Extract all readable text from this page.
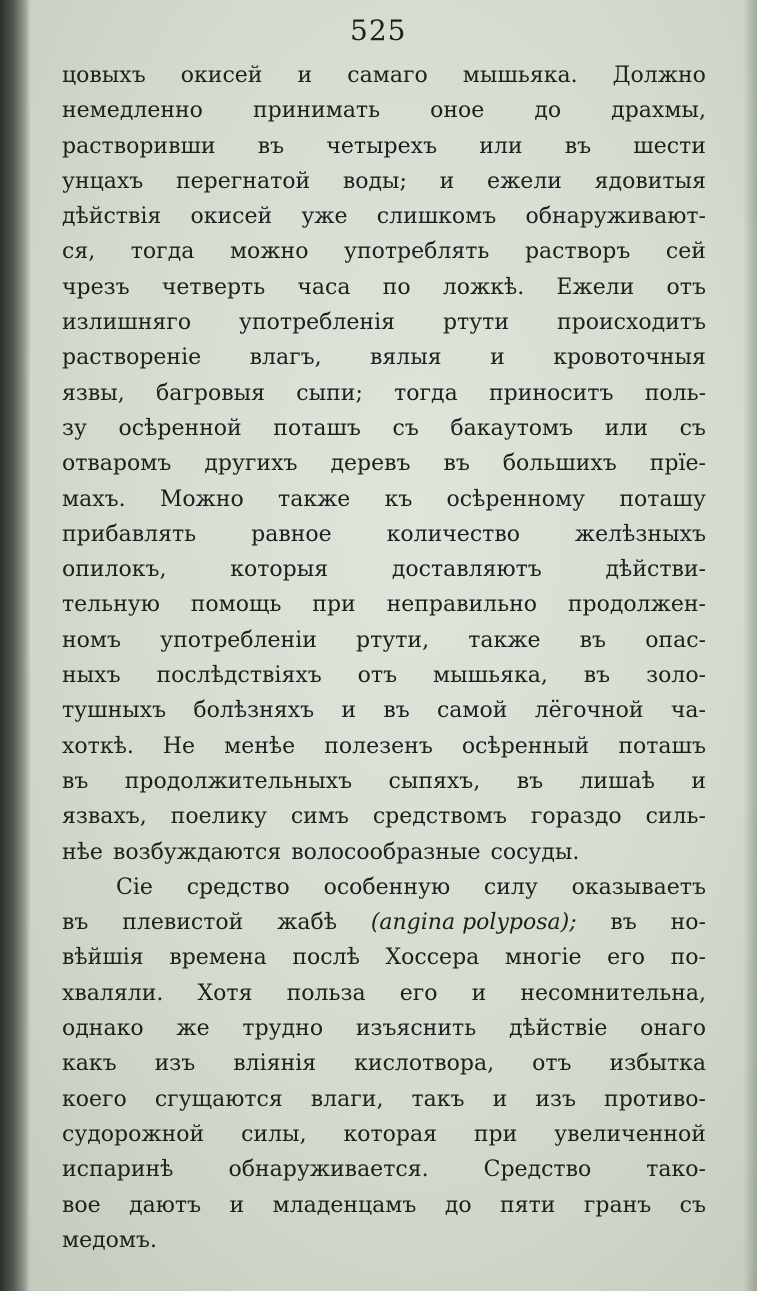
525
цовыхъ окисей и самаго мышьяка. Должно
немедленно принимать оное до драхмы,
растворивши въ четырехъ или въ шести
унцахъ перегнатой воды; и ежели ядовитыя
дѣйствія окисей уже слишкомъ обнаруживают-
ся, тогда можно употреблять растворъ сей
чрезъ четверть часа по ложкѣ. Ежели отъ
излишняго употребленія ртути происходитъ
раствореніе влагъ, вялыя и кровоточныя
язвы, багровыя сыпи; тогда приноситъ поль-
зу осѣренной поташъ съ бакаутомъ или съ
отваромъ другихъ деревъ въ большихъ прїе-
махъ. Можно также къ осѣренному поташу
прибавлять равное количество желѣзныхъ
опилокъ,	которыя	доставляютъ	дѣйстви-
тельную помощь при неправильно продолжен-
номъ употребленіи ртути, также въ опас-
ныхъ послѣдствіяхъ отъ мышьяка, въ золо-
тушныхъ болѣзняхъ и въ самой лёгочной ча-
хоткѣ. Не менѣе полезенъ осѣренный поташъ
въ продолжительныхъ сыпяхъ, въ лишаѣ и
язвахъ, поелику симъ средствомъ гораздо силь-
нѣе возбуждаются волосообразные сосуды.
Сіе средство особенную силу оказываетъ
въ плевистой жабѣ (angina polyposa); въ но-
вѣйшія времена послѣ Хоссера многіе его по-
хваляли. Хотя польза его и несомнительна,
однако же трудно изъяснить дѣйствіе онаго
какъ изъ вліянія кислотвора, отъ избытка
коего сгущаются влаги, такъ и изъ противо-
судорожной силы, которая при увеличенной
испаринѣ	обнаруживается.	Средство	тако-
вое даютъ и младенцамъ до пяти гранъ съ
медомъ.
